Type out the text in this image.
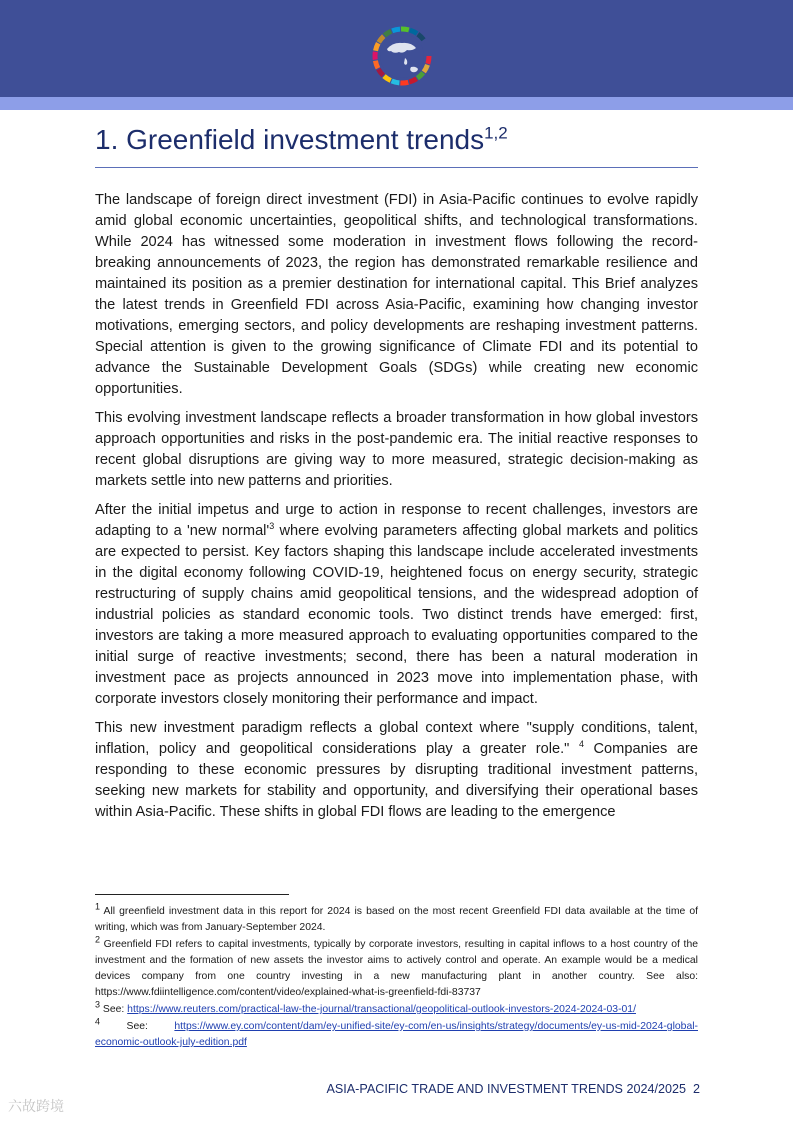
1. Greenfield investment trends$^{1,2}$

The landscape of foreign direct investment (FDI) in Asia-Pacific continues to evolve rapidly amid global economic uncertainties, geopolitical shifts, and technological transformations. While 2024 has witnessed some moderation in investment flows following the record-breaking announcements of 2023, the region has demonstrated remarkable resilience and maintained its position as a premier destination for international capital. This Brief analyzes the latest trends in Greenfield FDI across Asia-Pacific, examining how changing investor motivations, emerging sectors, and policy developments are reshaping investment patterns. Special attention is given to the growing significance of Climate FDI and its potential to advance the Sustainable Development Goals (SDGs) while creating new economic opportunities.

This evolving investment landscape reflects a broader transformation in how global investors approach opportunities and risks in the post-pandemic era. The initial reactive responses to recent global disruptions are giving way to more measured, strategic decision-making as markets settle into new patterns and priorities.

After the initial impetus and urge to action in response to recent challenges, investors are adapting to a 'new $normal'^3$ where evolving parameters affecting global markets and politics are expected to persist. Key factors shaping this landscape include accelerated investments in the digital economy following COVID-19, heightened focus on energy security, strategic restructuring of supply chains amid geopolitical tensions, and the widespread adoption of industrial policies as standard economic tools. Two distinct trends have emerged: first, investors are taking a more measured approach to evaluating opportunities compared to the initial surge of reactive investments; second, there has been a natural moderation in investment pace as projects announced in 2023 move into implementation phase, with corporate investors closely monitoring their performance and impact.

This new investment paradigm reflects a global context where "supply conditions, talent, inflation, policy and geopolitical considerations play a greater role." $^4$ Companies are responding to these economic pressures by disrupting traditional investment patterns, seeking new markets for stability and opportunity, and diversifying their operational bases within Asia-Pacific. These shifts in global FDI flows are leading to the emergence

$^1$ All greenfield investment data in this report for 2024 is based on the most recent Greenfield FDI data available at the time of writing, which was from January-September 2024.

$^2$ Greenfield FDI refers to capital investments, typically by corporate investors, resulting in capital inflows to a host country of the investment and the formation of new assets the investor aims to actively control and operate. An example would be a medical devices company from one country investing in a new manufacturing plant in another country. See also: https://www.fdiintelligence.com/content/video/explained-what-is-greenfield-fdi-83737

$^3$ See: https://www.reuters.com/practical-law-the-journal/transactional/geopolitical-outlook-investors-2024-2024-03-01/

$^4$ See: https://www.ey.com/content/dam/ey-unified-site/ey-com/en-us/insights/strategy/documents/ey-us-mid-2024-global-economic-outlook-july-edition.pdf

ASIA-PACIFIC TRADE AND INVESTMENT TRENDS 2024/2025 2
六故跨境
